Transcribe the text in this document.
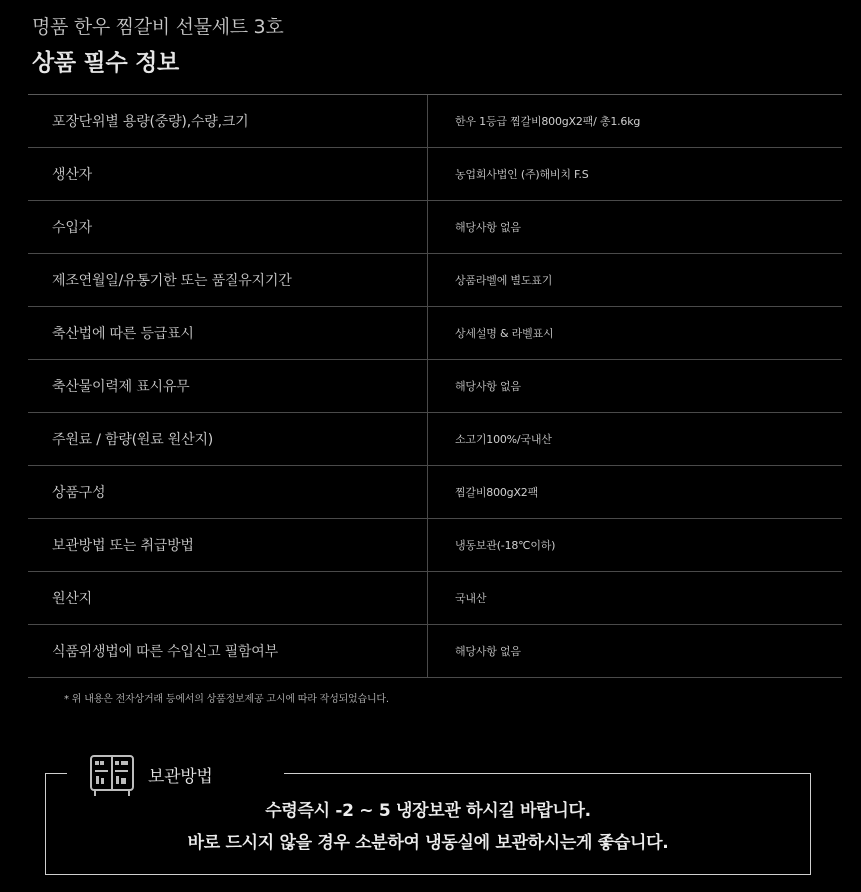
명품 한우 찜갈비 선물세트 3호
상품 필수 정보
포장단위별 용량(중량),수량,크기	한우 1등급 찜갈비800gX2팩/ 총1.6kg
생산자	농업회사법인 (주)해비치 F.S
수입자	해당사항 없음
제조연월일/유통기한 또는 품질유지기간	상품라벨에 별도표기
축산법에 따른 등급표시	상세설명 & 라벨표시
축산물이력제 표시유무	해당사항 없음
주원료 / 함량(원료 원산지)	소고기100%/국내산
상품구성	찜갈비800gX2팩
보관방법 또는 취급방법	냉동보관(-18℃이하)
원산지	국내산
식품위생법에 따른 수입신고 필함여부	해당사항 없음
* 위 내용은 전자상거래 등에서의 상품정보제공 고시에 따라 작성되었습니다.
보관방법
수령즉시 -2 ~ 5 냉장보관 하시길 바랍니다.
바로 드시지 않을 경우 소분하여 냉동실에 보관하시는게 좋습니다.
